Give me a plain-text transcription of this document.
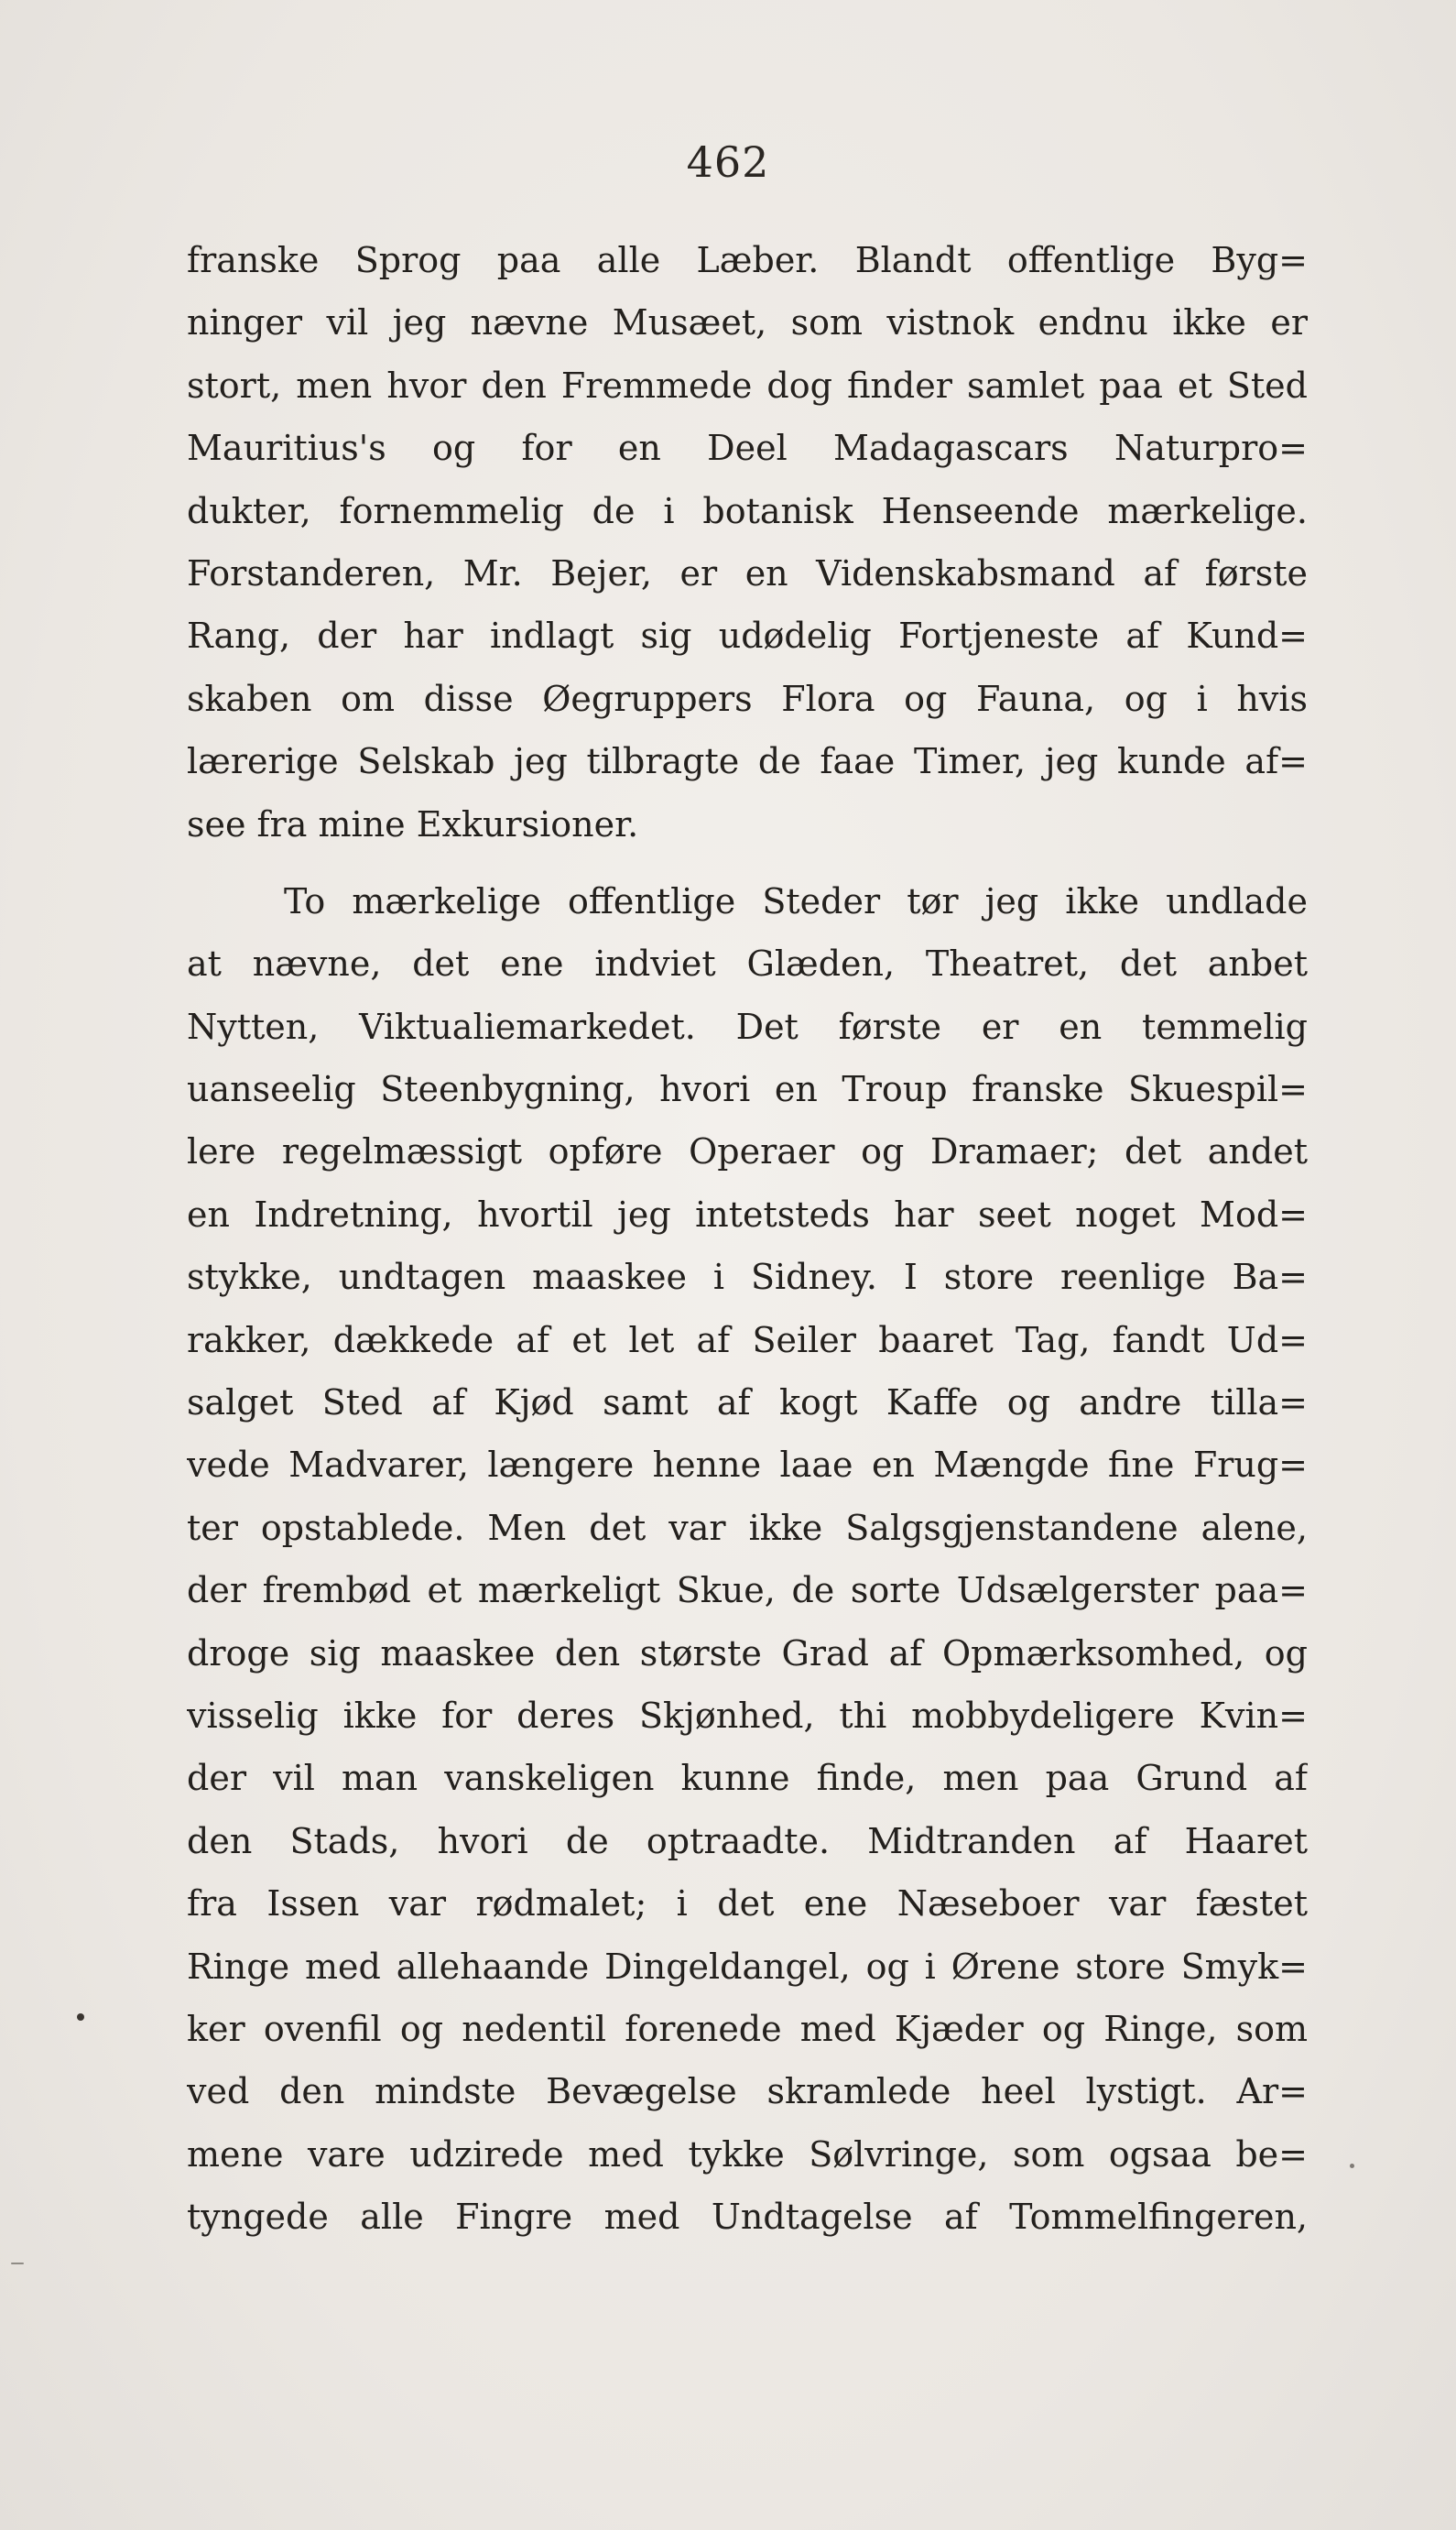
462
franske Sprog paa alle Læber. Blandt offentlige Byg=
ninger vil jeg nævne Musæet, som vistnok endnu ikke er
stort, men hvor den Fremmede dog finder samlet paa et Sted
Mauritius's og for en Deel Madagascars Naturpro=
dukter, fornemmelig de i botanisk Henseende mærkelige.
Forstanderen, Mr. Bejer, er en Videnskabsmand af første
Rang, der har indlagt sig udødelig Fortjeneste af Kund=
skaben om disse Øegruppers Flora og Fauna, og i hvis
lærerige Selskab jeg tilbragte de faae Timer, jeg kunde af=
see fra mine Exkursioner.
To mærkelige offentlige Steder tør jeg ikke undlade
at nævne, det ene indviet Glæden, Theatret, det anbet
Nytten, Viktualiemarkedet. Det første er en temmelig
uanseelig Steenbygning, hvori en Troup franske Skuespil=
lere regelmæssigt opføre Operaer og Dramaer; det andet
en Indretning, hvortil jeg intetsteds har seet noget Mod=
stykke, undtagen maaskee i Sidney. I store reenlige Ba=
rakker, dækkede af et let af Seiler baaret Tag, fandt Ud=
salget Sted af Kjød samt af kogt Kaffe og andre tilla=
vede Madvarer, længere henne laae en Mængde fine Frug=
ter opstablede. Men det var ikke Salgsgjenstandene alene,
der frembød et mærkeligt Skue, de sorte Udsælgerster paa=
droge sig maaskee den største Grad af Opmærksomhed, og
visselig ikke for deres Skjønhed, thi mobbydeligere Kvin=
der vil man vanskeligen kunne finde, men paa Grund af
den Stads, hvori de optraadte. Midtranden af Haaret
fra Issen var rødmalet; i det ene Næseboer var fæstet
Ringe med allehaande Dingeldangel, og i Ørene store Smyk=
ker ovenfil og nedentil forenede med Kjæder og Ringe, som
ved den mindste Bevægelse skramlede heel lystigt. Ar=
mene vare udzirede med tykke Sølvringe, som ogsaa be=
tyngede alle Fingre med Undtagelse af Tommelfingeren,
